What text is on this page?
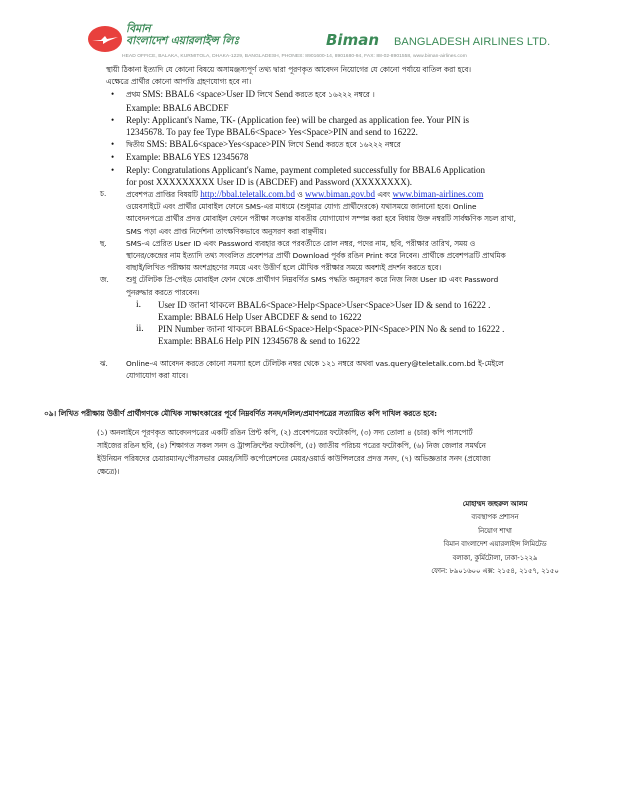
বিমান
বাংলাদেশ এয়ারলাইন্স লিঃ	Biman BANGLADESH AIRLINES LTD.
HEAD OFFICE, BALAKA, KURMITOLA, DHAKA-1229, BANGLADESH, PHONES: 8901600-14, 8901680-94, FAX: 88-02-8901558, www.biman-airlines.com
স্থায়ী ঠিকানা ইত্যাদি যে কোনো বিষয়ে অসামঞ্জস্যপূর্ণ তথ্য দ্বারা পূরণকৃত আবেদন নিয়োগের যে কোনো পর্যায়ে বাতিল করা হবে।
এক্ষেত্রে প্রার্থীর কোনো আপত্তি গ্রহণযোগ্য হবে না।
• প্রথম SMS: BBAL6 <space>User ID লিখে Send করতে হবে ১৬২২২ নম্বরে ।
Example: BBAL6 ABCDEF
• Reply: Applicant's Name, TK- (Application fee) will be charged as application fee. Your PIN is
12345678. To pay fee Type BBAL6<Space> Yes<Space>PIN and send to 16222.
• দ্বিতীয় SMS: BBAL6<space>Yes<space>PIN লিখে Send করতে হবে ১৬২২২ নম্বরে
• Example: BBAL6 YES 12345678
• Reply: Congratulations Applicant's Name, payment completed successfully for BBAL6 Application
for post XXXXXXXXX User ID is (ABCDEF) and Password (XXXXXXXX).
চ.	প্রবেশপত্র প্রাপ্তির বিষয়টি http://bbal.teletalk.com.bd ও www.biman.gov.bd এবং www.biman-airlines.com
ওয়েবসাইটে এবং প্রার্থীর মোবাইল ফোনে SMS-এর মাধ্যমে (শুধুমাত্র যোগ্য প্রার্থীদেরকে) যথাসময়ে জানানো হবে। Online
আবেদনপত্রে প্রার্থীর প্রদত্ত মোবাইল ফোনে পরীক্ষা সংক্রান্ত যাবতীয় যোগাযোগ সম্পন্ন করা হবে বিধায় উক্ত নম্বরটি সার্বক্ষণিক সচল রাখা,
SMS পড়া এবং প্রাপ্ত নির্দেশনা তাৎক্ষণিকভাবে অনুসরণ করা বাঞ্ছনীয়।
ছ.	SMS-এ প্রেরিত User ID এবং Password ব্যবহার করে পরবর্তীতে রোল নম্বর, পদের নাম, ছবি, পরীক্ষার তারিখ, সময় ও
স্থানের/কেন্দ্রের নাম ইত্যাদি তথ্য সংবলিত প্রবেশপত্র প্রার্থী Download পূর্বক রঙিন Print করে নিবেন। প্রার্থীকে প্রবেশপত্রটি প্রাথমিক
বাছাই/লিখিত পরীক্ষায় অংশগ্রহণের সময়ে এবং উত্তীর্ণ হলে মৌখিক পরীক্ষার সময়ে অবশ্যই প্রদর্শন করতে হবে।
জ. শুধু টেলিটক প্রি-পেইড মোবাইল ফোন থেকে প্রার্থীগণ নিম্নবর্ণিত SMS পদ্ধতি অনুসরণ করে নিজ নিজ User ID এবং Password
পুনরুদ্ধার করতে পারবেন।
i. User ID জানা থাকলে BBAL6<Space>Help<Space>User<Space>User ID & send to 16222 .
Example: BBAL6 Help User ABCDEF & send to 16222
ii. PIN Number জানা থাকলে BBAL6<Space>Help<Space>PIN<Space>PIN No & send to 16222 .
Example: BBAL6 Help PIN 12345678 & send to 16222
ঝ. Online-এ আবেদন করতে কোনো সমস্যা হলে টেলিটক নম্বর থেকে ১২১ নম্বরে অথবা vas.query@teletalk.com.bd ই-মেইলে
যোগাযোগ করা যাবে।
০৯। লিখিত পরীক্ষায় উত্তীর্ণ প্রার্থীগণকে মৌখিক সাক্ষাৎকারের পূর্বে নিম্নবর্ণিত সনদ/দলিল/প্রমাণপত্রের সত্যায়িত কপি দাখিল করতে হবে:
(১) অনলাইনে পূরণকৃত আবেদনপত্রের একটি রঙিন প্রিন্ট কপি, (২) প্রবেশপত্রের ফটোকপি, (৩) সদ্য তোলা ৪ (চার) কপি পাসপোর্ট
সাইজের রঙিন ছবি, (৪) শিক্ষাগত সকল সনদ ও ট্রান্সক্রিপ্টের ফটোকপি, (৫) জাতীয় পরিচয় পত্রের ফটোকপি, (৬) নিজ জেলার সমর্থনে
ইউনিয়ন পরিষদের চেয়ারম্যান/পৌরসভার মেয়র/সিটি কর্পোরেশনের মেয়র/ওয়ার্ড কাউন্সিলরের প্রদত্ত সনদ, (৭) অভিজ্ঞতার সনদ (প্রযোজ্য
ক্ষেত্রে)।
মোহাম্মদ জহুরুল আলম
ব্যবস্থাপক প্রশাসন
নিয়োগ শাখা
বিমান বাংলাদেশ এয়ারলাইন্স লিমিটেড
বলাকা, কুর্মিটোলা, ঢাকা-১২২৯
ফোন: ৮৯০১৬০০ এক্স: ২১৫৪, ২১৫৭, ২১৫০
